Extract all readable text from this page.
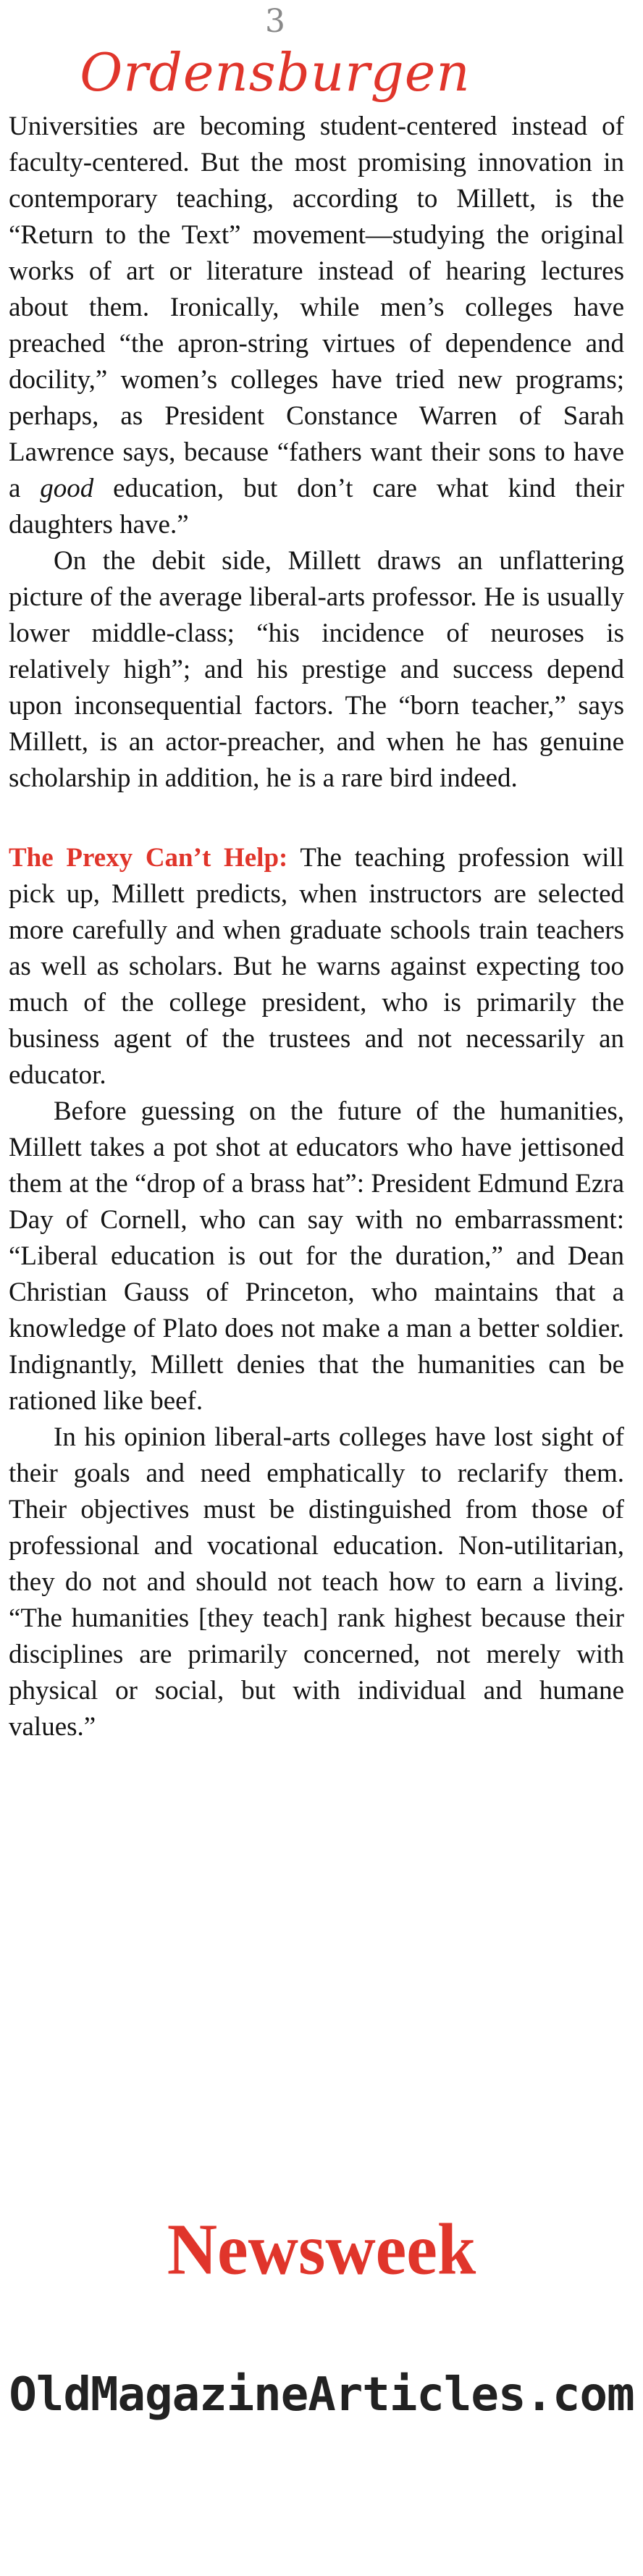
3
Ordensburgen

Universities are becoming student-centered instead of faculty-centered. But the most promising innovation in contemporary teaching, according to Millett, is the “Return to the Text” movement—studying the original works of art or literature instead of hearing lectures about them. Ironically, while men’s colleges have preached “the apron-string virtues of dependence and docility,” women’s colleges have tried new programs; perhaps, as President Constance Warren of Sarah Lawrence says, because “fathers want their sons to have a good education, but don’t care what kind their daughters have.”

On the debit side, Millett draws an unflattering picture of the average liberal-arts professor. He is usually lower middle-class; “his incidence of neuroses is relatively high”; and his prestige and success depend upon inconsequential factors. The “born teacher,” says Millett, is an actor-preacher, and when he has genuine scholarship in addition, he is a rare bird indeed.

The Prexy Can’t Help: The teaching profession will pick up, Millett predicts, when instructors are selected more carefully and when graduate schools train teachers as well as scholars. But he warns against expecting too much of the college president, who is primarily the business agent of the trustees and not necessarily an educator.

Before guessing on the future of the humanities, Millett takes a pot shot at educators who have jettisoned them at the “drop of a brass hat”: President Edmund Ezra Day of Cornell, who can say with no embarrassment: “Liberal education is out for the duration,” and Dean Christian Gauss of Princeton, who maintains that a knowledge of Plato does not make a man a better soldier. Indignantly, Millett denies that the humanities can be rationed like beef.

In his opinion liberal-arts colleges have lost sight of their goals and need emphatically to reclarify them. Their objectives must be distinguished from those of professional and vocational education. Non-utilitarian, they do not and should not teach how to earn a living. “The humanities [they teach] rank highest because their disciplines are primarily concerned, not merely with physical or social, but with individual and humane values.”

Newsweek
OldMagazineArticles.com
